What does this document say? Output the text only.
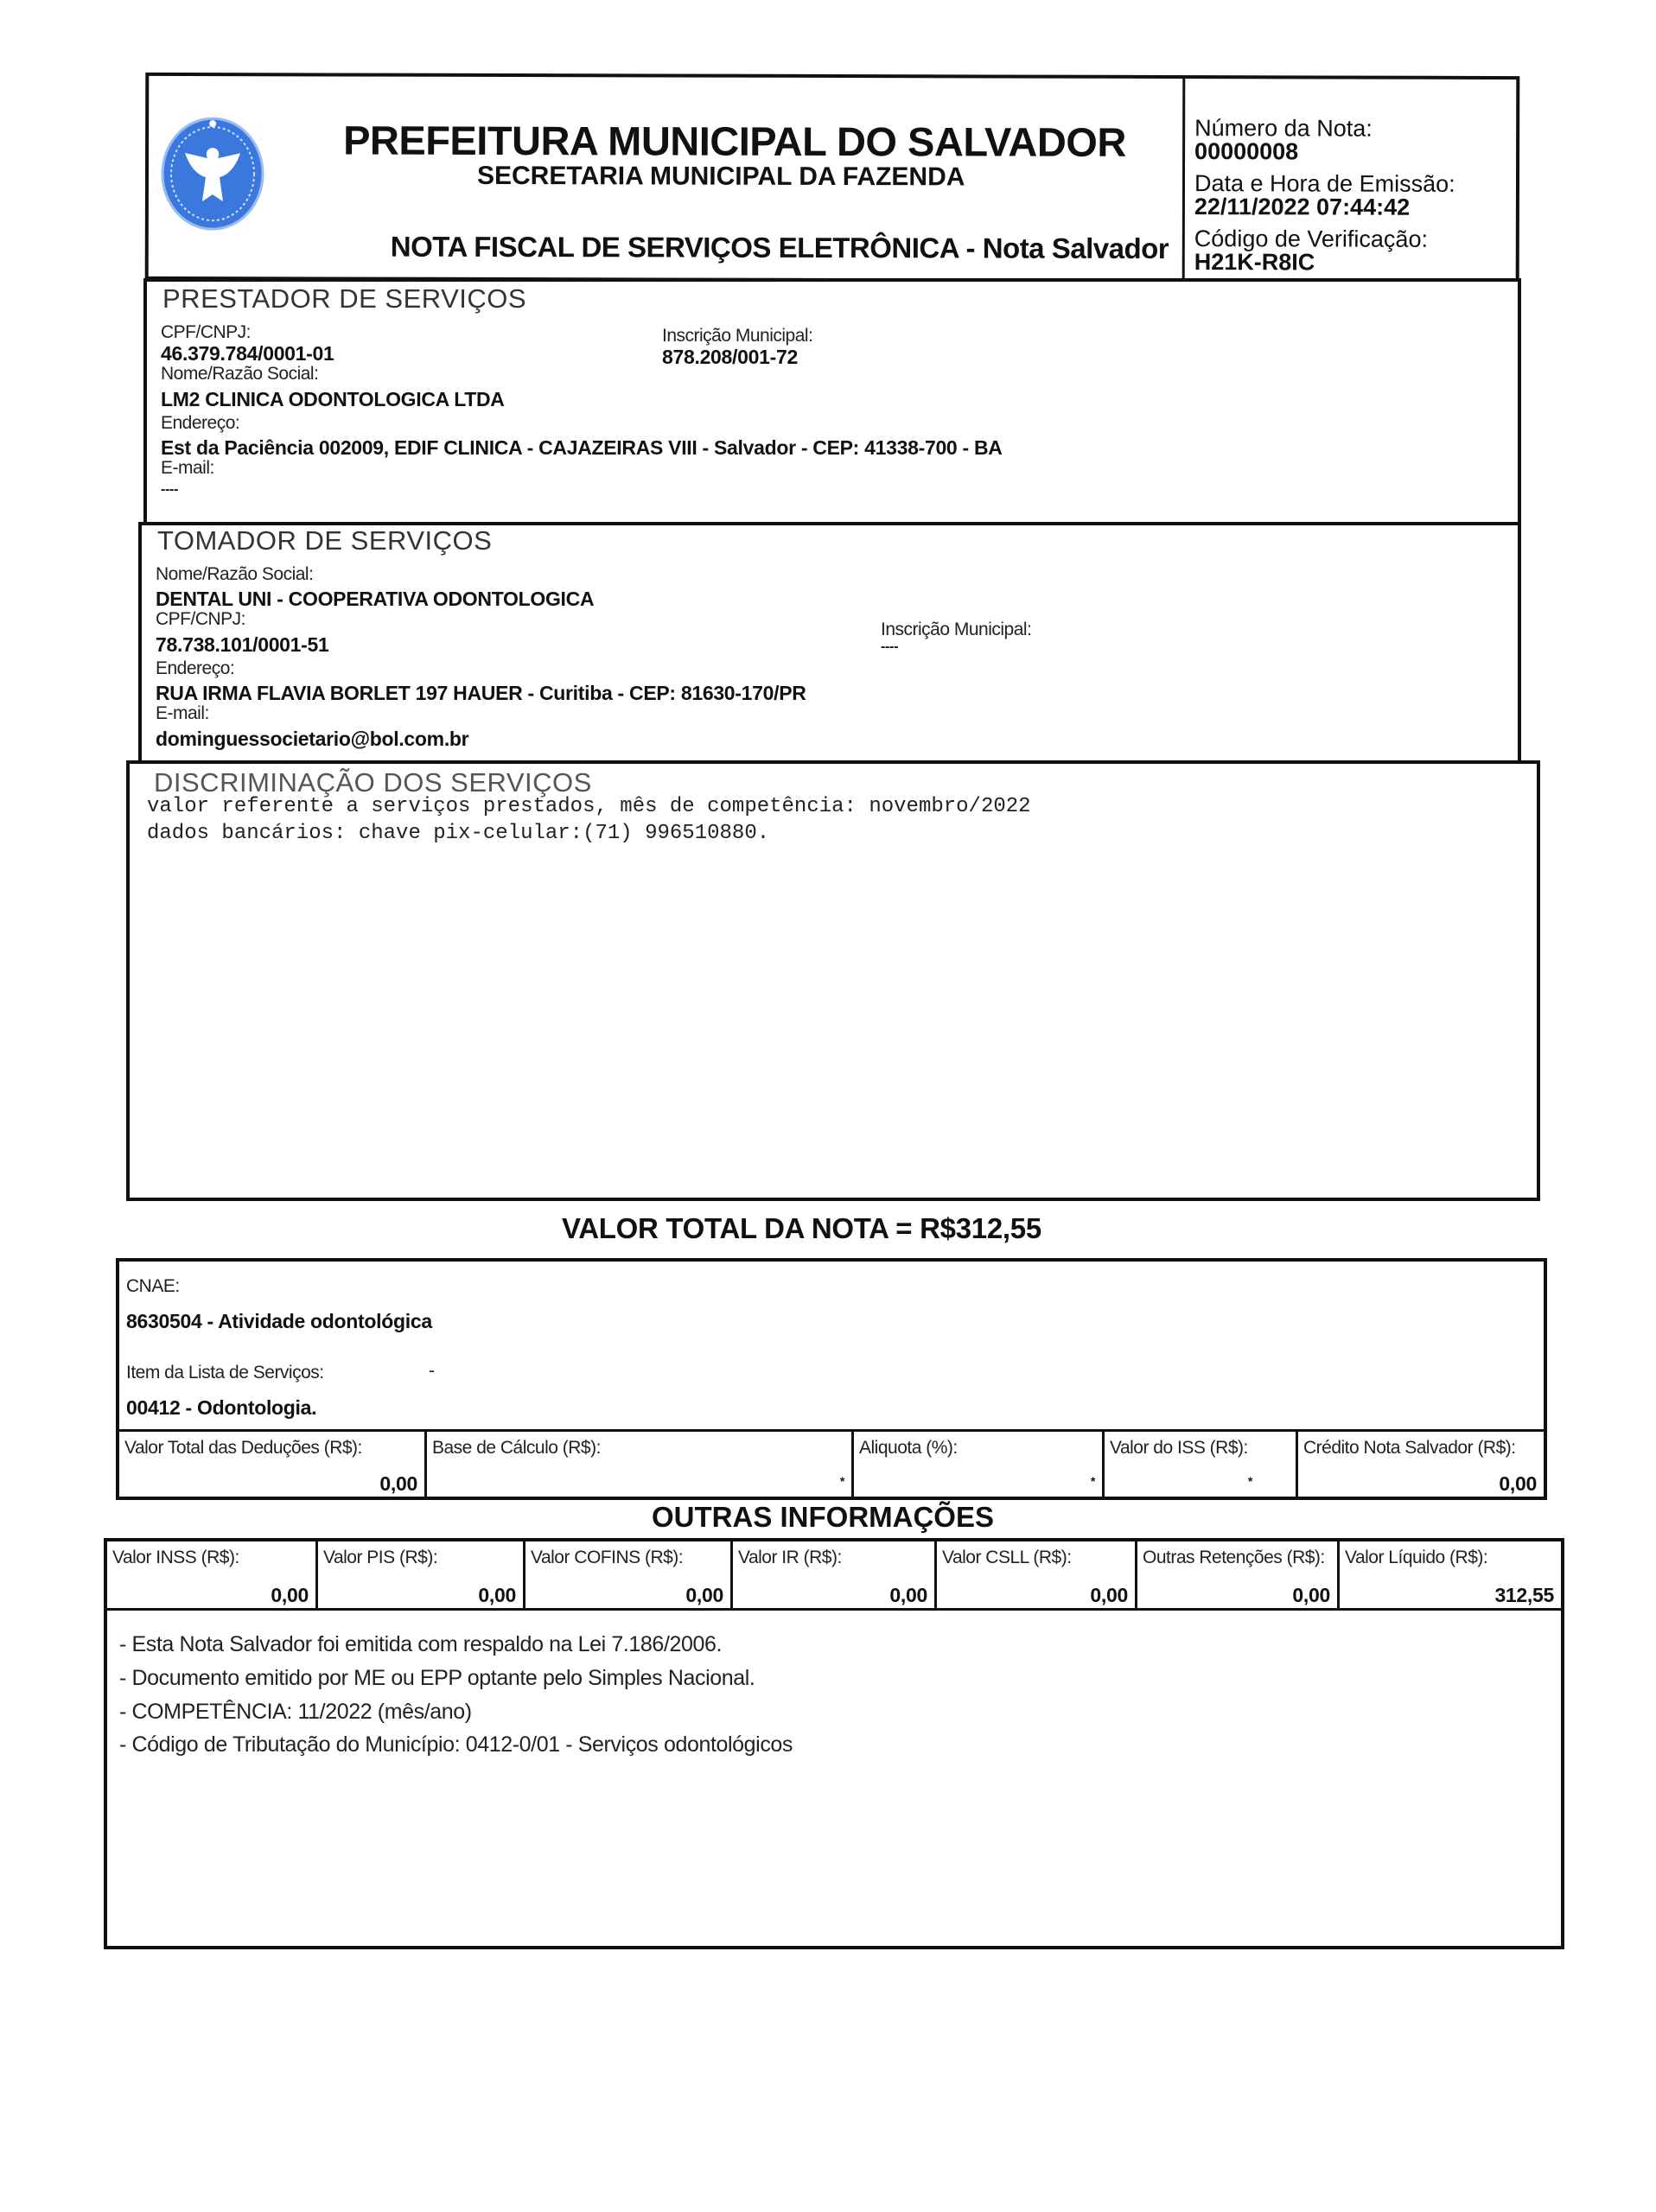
PREFEITURA MUNICIPAL DO SALVADOR
SECRETARIA MUNICIPAL DA FAZENDA
NOTA FISCAL DE SERVIÇOS ELETRÔNICA - Nota Salvador
Número da Nota:
00000008
Data e Hora de Emissão:
22/11/2022 07:44:42
Código de Verificação:
H21K-R8IC
PRESTADOR DE SERVIÇOS
CPF/CNPJ:
46.379.784/0001-01
Nome/Razão Social:
LM2 CLINICA ODONTOLOGICA LTDA
Endereço:
Est da Paciência 002009, EDIF CLINICA - CAJAZEIRAS VIII - Salvador - CEP: 41338-700 - BA
E-mail:
----
Inscrição Municipal:
878.208/001-72
TOMADOR DE SERVIÇOS
Nome/Razão Social:
DENTAL UNI - COOPERATIVA ODONTOLOGICA
CPF/CNPJ:
78.738.101/0001-51
Endereço:
RUA IRMA FLAVIA BORLET 197 HAUER - Curitiba - CEP: 81630-170/PR
E-mail:
dominguessocietario@bol.com.br
Inscrição Municipal:
----
DISCRIMINAÇÃO DOS SERVIÇOS
valor referente a serviços prestados, mês de competência: novembro/2022
dados bancários: chave pix-celular:(71) 996510880.
VALOR TOTAL DA NOTA = R$312,55
CNAE:
8630504 - Atividade odontológica
Item da Lista de Serviços:	-
00412 - Odontologia.
Valor Total das Deduções (R$):
0,00
Base de Cálculo (R$):
*
Aliquota (%):
*
Valor do ISS (R$):
*
Crédito Nota Salvador (R$):
0,00
OUTRAS INFORMAÇÕES
Valor INSS (R$):
0,00
Valor PIS (R$):
0,00
Valor COFINS (R$):
0,00
Valor IR (R$):
0,00
Valor CSLL (R$):
0,00
Outras Retenções (R$):
0,00
Valor Líquido (R$):
312,55
- Esta Nota Salvador foi emitida com respaldo na Lei 7.186/2006.
- Documento emitido por ME ou EPP optante pelo Simples Nacional.
- COMPETÊNCIA: 11/2022 (mês/ano)
- Código de Tributação do Município: 0412-0/01 - Serviços odontológicos
